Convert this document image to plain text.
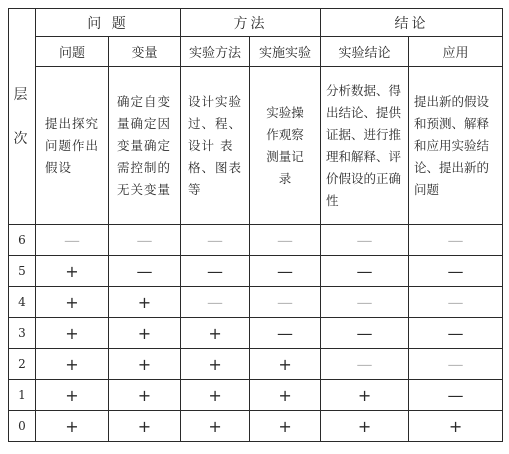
层
次	问 题		方法		结论	
	问题	变量	实验方法	实施实验	实验结论	应用
	提出探究问题作出假设	确定自变量确定因变量确定需控制的无关变量	设计实验过、程、设计 表 格、图表等	实验操作观察测量记录	分析数据、得出结论、提供证据、进行推理和解释、评价假设的正确性	提出新的假设和预测、解释和应用实验结论、提出新的问题
6	—	—	—	—	—	—
5	+	—	—	—	—	—
4	+	+	—	—	—	—
3	+	+	+	—	—	—
2	+	+	+	+	—	—
1	+	+	+	+	+	—
0	+	+	+	+	+	+
